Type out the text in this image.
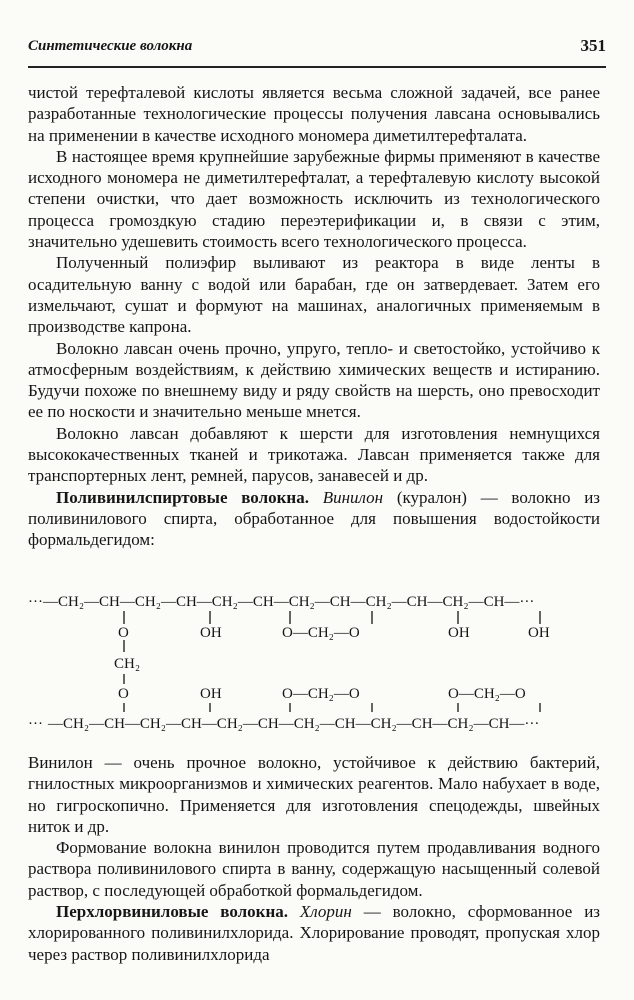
Синтетические волокна	351

чистой терефталевой кислоты является весьма сложной задачей, все ранее разработанные технологические процессы получения лавсана основывались на применении в качестве исходного мономера диметилтерефталата.

В настоящее время крупнейшие зарубежные фирмы применяют в качестве исходного мономера не диметилтерефталат, а терефталевую кислоту высокой степени очистки, что дает возможность исключить из технологического процесса громоздкую стадию переэтерификации и, в связи с этим, значительно удешевить стоимость всего технологического процесса.

Полученный полиэфир выливают из реактора в виде ленты в осадительную ванну с водой или барабан, где он затвердевает. Затем его измельчают, сушат и формуют на машинах, аналогичных применяемым в производстве капрона.

Волокно лавсан очень прочно, упруго, тепло- и светостойко, устойчиво к атмосферным воздействиям, к действию химических веществ и истиранию. Будучи похоже по внешнему виду и ряду свойств на шерсть, оно превосходит ее по носкости и значительно меньше мнется.

Волокно лавсан добавляют к шерсти для изготовления немнущихся высококачественных тканей и трикотажа. Лавсан применяется также для транспортерных лент, ремней, парусов, занавесей и др.

Поливинилспиртовые волокна. Винилон (куралон) — волокно из поливинилового спирта, обработанное для повышения водостойкости формальдегидом:

···—CH₂—CH—CH₂—CH—CH₂—CH—CH₂—CH—CH₂—CH—CH₂—CH—···
O	OH	O—CH₂—O	OH	OH
CH₂
O	OH	O—CH₂—O	O—CH₂—O
··· —CH₂—CH—CH₂—CH—CH₂—CH—CH₂—CH—CH₂—CH—CH₂—CH—···

Винилон — очень прочное волокно, устойчивое к действию бактерий, гнилостных микроорганизмов и химических реагентов. Мало набухает в воде, но гигроскопично. Применяется для изготовления спецодежды, швейных ниток и др.

Формование волокна винилон проводится путем продавливания водного раствора поливинилового спирта в ванну, содержащую насыщенный солевой раствор, с последующей обработкой формальдегидом.

Перхлорвиниловые волокна. Хлорин — волокно, сформованное из хлорированного поливинилхлорида. Хлорирование проводят, пропуская хлор через раствор поливинилхлорида
